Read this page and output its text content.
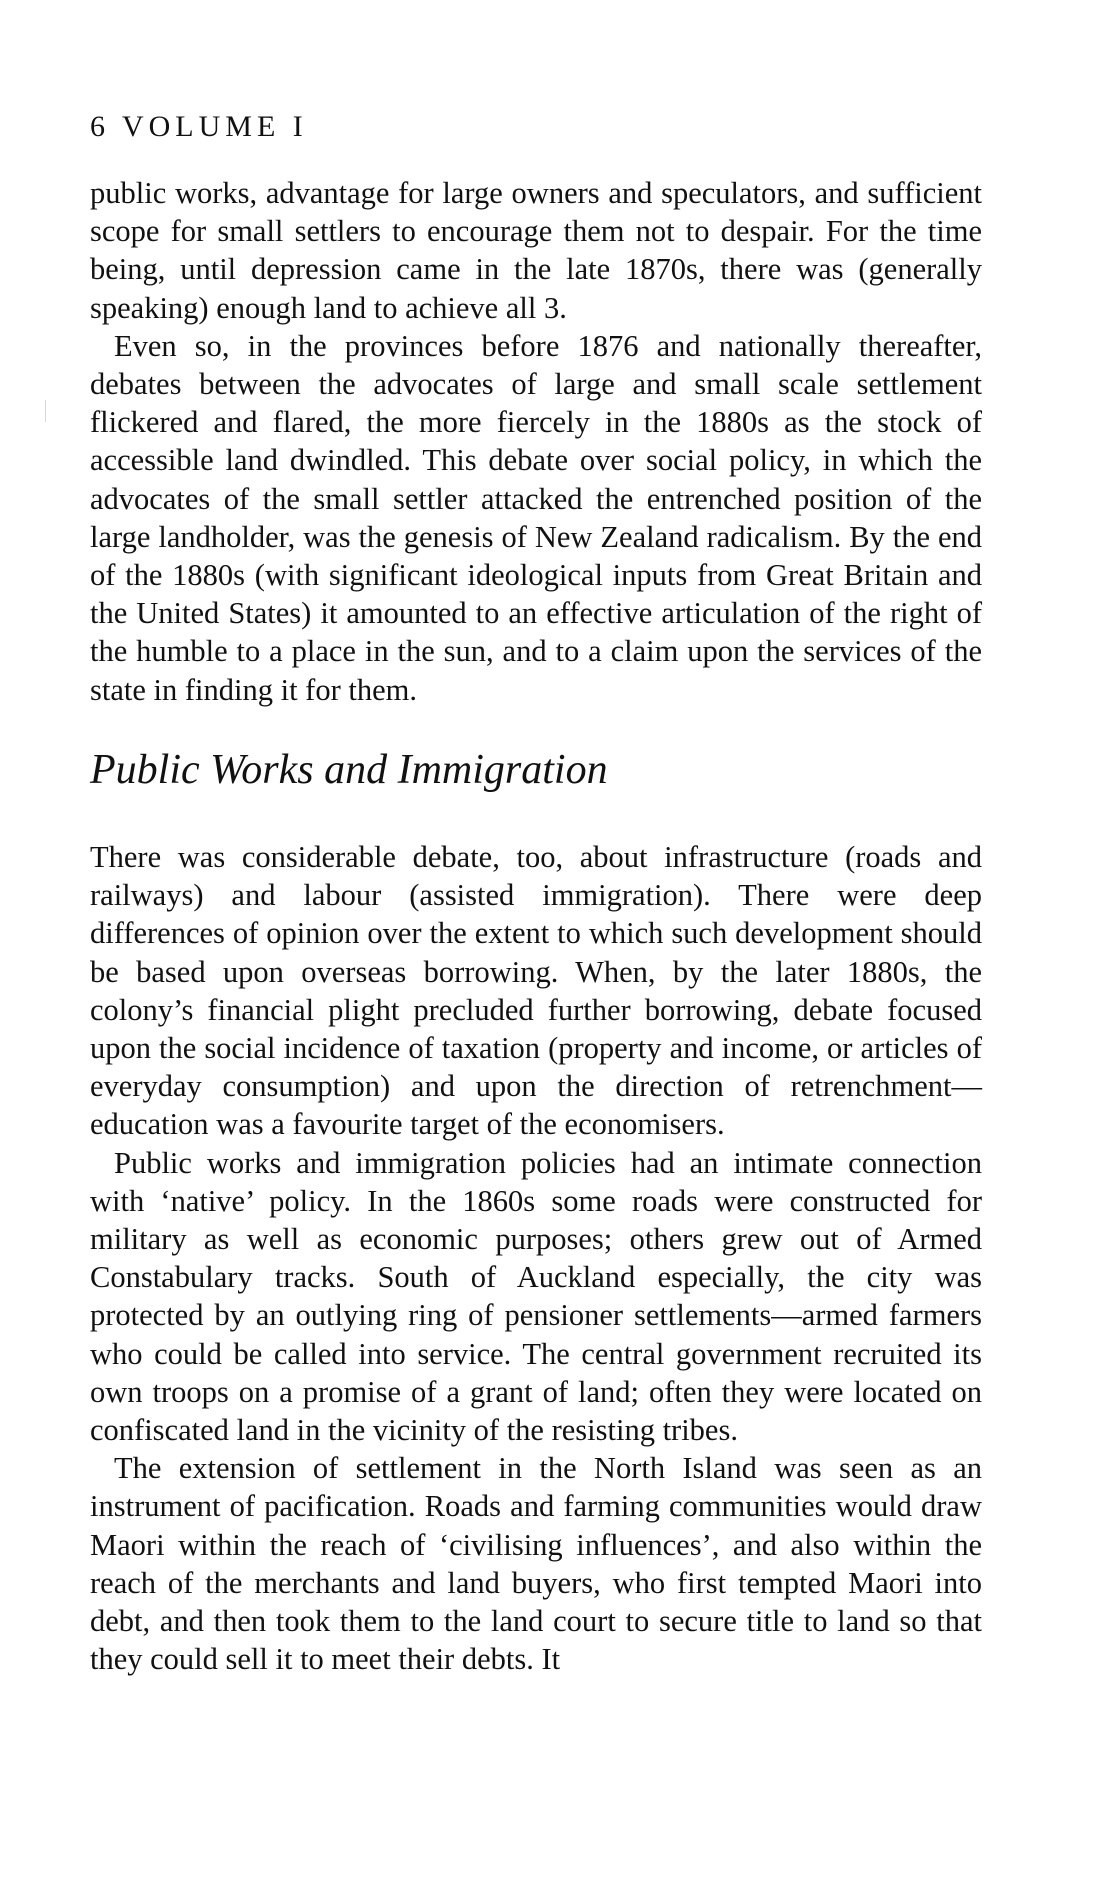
6 VOLUME I

public works, advantage for large owners and speculators, and sufficient scope for small settlers to encourage them not to despair. For the time being, until depression came in the late 1870s, there was (generally speaking) enough land to achieve all 3.

Even so, in the provinces before 1876 and nationally thereafter, debates between the advocates of large and small scale settlement flickered and flared, the more fiercely in the 1880s as the stock of accessible land dwindled. This debate over social policy, in which the advocates of the small settler attacked the entrenched position of the large landholder, was the genesis of New Zealand radicalism. By the end of the 1880s (with significant ideological inputs from Great Britain and the United States) it amounted to an effective articulation of the right of the humble to a place in the sun, and to a claim upon the services of the state in finding it for them.

Public Works and Immigration

There was considerable debate, too, about infrastructure (roads and railways) and labour (assisted immigration). There were deep differences of opinion over the extent to which such development should be based upon overseas borrowing. When, by the later 1880s, the colony’s financial plight precluded further borrowing, debate focused upon the social incidence of taxation (property and income, or articles of everyday consumption) and upon the direction of retrenchment—education was a favourite target of the economisers.

Public works and immigration policies had an intimate connection with ‘native’ policy. In the 1860s some roads were constructed for military as well as economic purposes; others grew out of Armed Constabulary tracks. South of Auckland especially, the city was protected by an outlying ring of pensioner settlements—armed farmers who could be called into service. The central government recruited its own troops on a promise of a grant of land; often they were located on confiscated land in the vicinity of the resisting tribes.

The extension of settlement in the North Island was seen as an instrument of pacification. Roads and farming communities would draw Maori within the reach of ‘civilising influences’, and also within the reach of the merchants and land buyers, who first tempted Maori into debt, and then took them to the land court to secure title to land so that they could sell it to meet their debts. It
